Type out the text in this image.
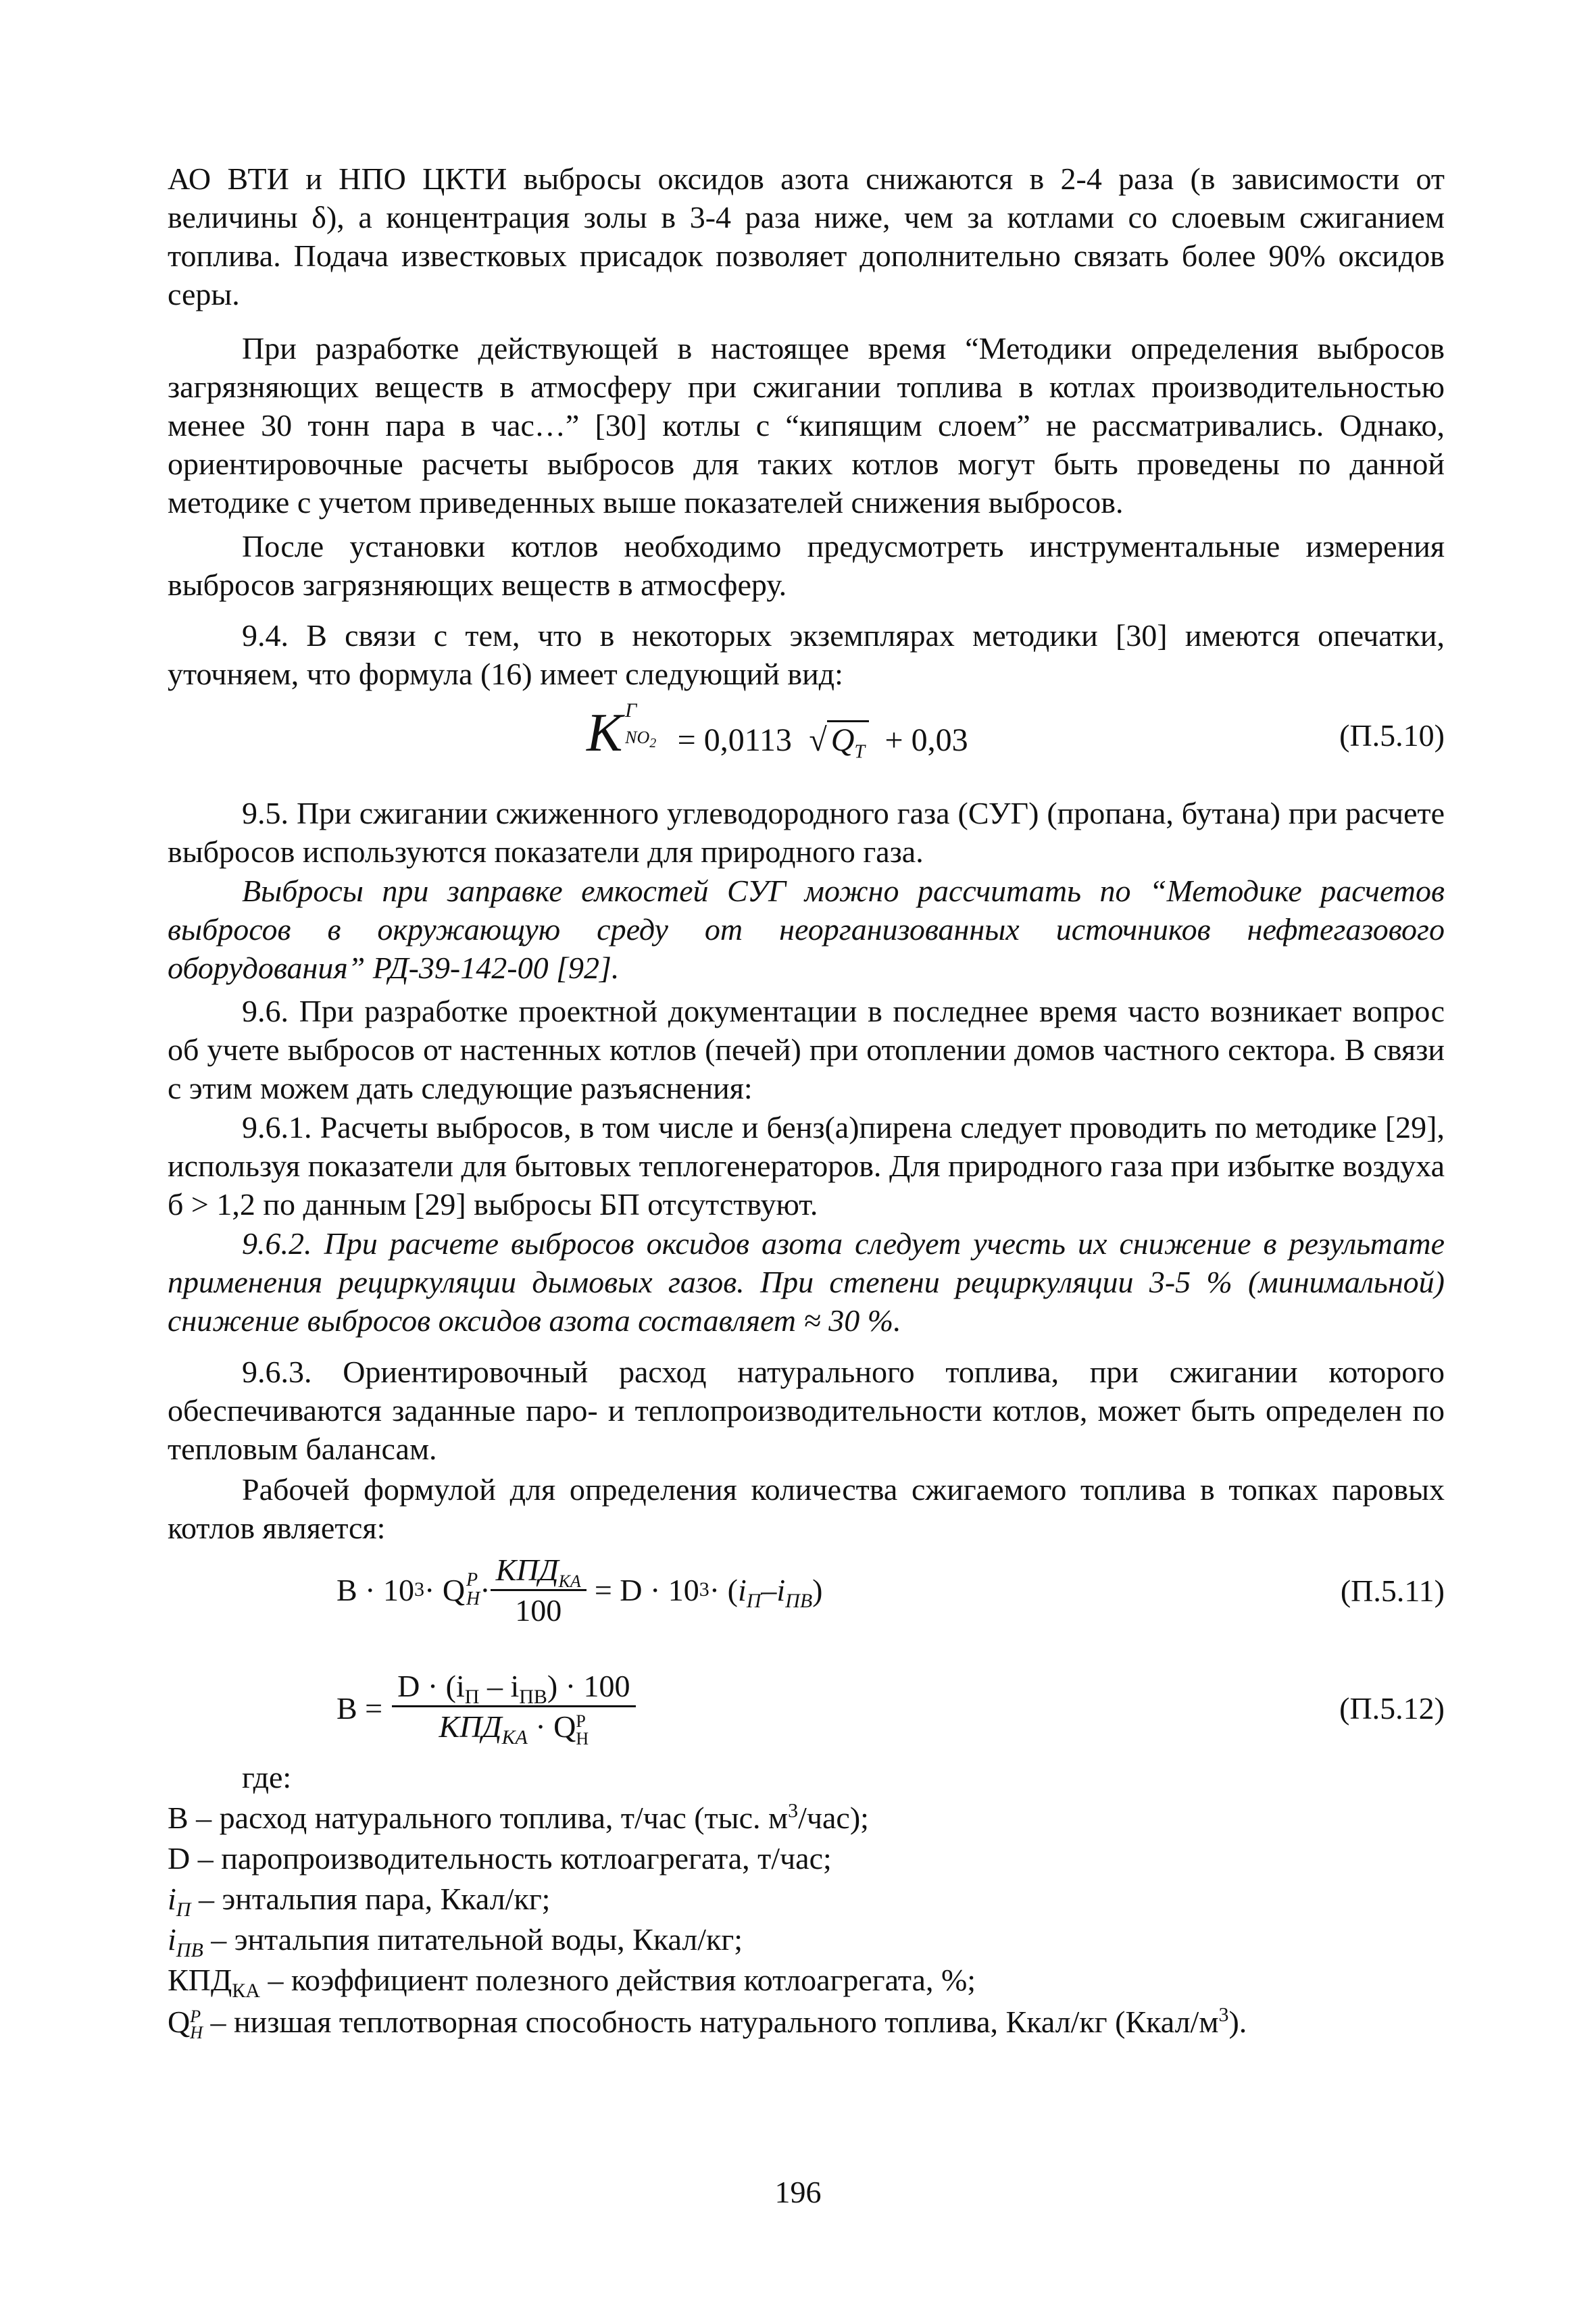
АО ВТИ и НПО ЦКТИ выбросы оксидов азота снижаются в 2-4 раза (в зависимости от величины δ), а концентрация золы в 3-4 раза ниже, чем за котлами со слоевым сжиганием топлива. Подача известковых присадок позволяет дополнительно связать более 90% оксидов серы.

При разработке действующей в настоящее время “Методики определения выбросов загрязняющих веществ в атмосферу при сжигании топлива в котлах производительностью менее 30 тонн пара в час…” [30] котлы с “кипящим слоем” не рассматривались. Однако, ориентировочные расчеты выбросов для таких котлов могут быть проведены по данной методике с учетом приведенных выше показателей снижения выбросов.

После установки котлов необходимо предусмотреть инструментальные измерения выбросов загрязняющих веществ в атмосферу.

9.4. В связи с тем, что в некоторых экземплярах методики [30] имеются опечатки, уточняем, что формула (16) имеет следующий вид:

К Г
$NO_2 = 0,0113$ √ $Q_T + 0,03$	(П.5.10)

9.5. При сжигании сжиженного углеводородного газа (СУГ) (пропана, бутана) при расчете выбросов используются показатели для природного газа.

Выбросы при заправке емкостей СУГ можно рассчитать по “Методике расчетов выбросов в окружающую среду от неорганизованных источников нефтегазового оборудования” РД-39-142-00 [92].

9.6. При разработке проектной документации в последнее время часто возникает вопрос об учете выбросов от настенных котлов (печей) при отоплении домов частного сектора. В связи с этим можем дать следующие разъяснения:

9.6.1. Расчеты выбросов, в том числе и бенз(а)пирена следует проводить по методике [29], используя показатели для бытовых теплогенераторов. Для природного газа при избытке воздуха б > 1,2 по данным [29] выбросы БП отсутствуют.

9.6.2. При расчете выбросов оксидов азота следует учесть их снижение в результате применения рециркуляции дымовых газов. При степени рециркуляции 3-5 % (минимальной) снижение выбросов оксидов азота составляет ≈ 30 %.

9.6.3. Ориентировочный расход натурального топлива, при сжигании которого обеспечиваются заданные паро- и теплопроизводительности котлов, может быть определен по тепловым балансам.

Рабочей формулой для определения количества сжигаемого топлива в топках паровых котлов является:

B · 10 3 · Q P
$H \cdot \frac{КПД_{КА}}{100} = D \cdot 10$ 3 · ( $i_П - i_{ПВ}$ )	(П.5.11)
$B = D \cdot (i_П - i_{ПВ}) \cdot 100$
$КПД_{КА} \cdot Q$ P
H	(П.5.12)

где:

B – расход натурального топлива, т/час (тыс. $м^3/час$);

D – паропроизводительность котлоагрегата, т/час;

$i_П$ – энтальпия пара, Ккал/кг;

$i_{ПВ}$ – энтальпия питательной воды, Ккал/кг;

$КПД_{КА}$ – коэффициент полезного действия котлоагрегата, %;

Q P
H – низшая теплотворная способность натурального топлива, Ккал/кг $(Ккал/м^3)$.

196
